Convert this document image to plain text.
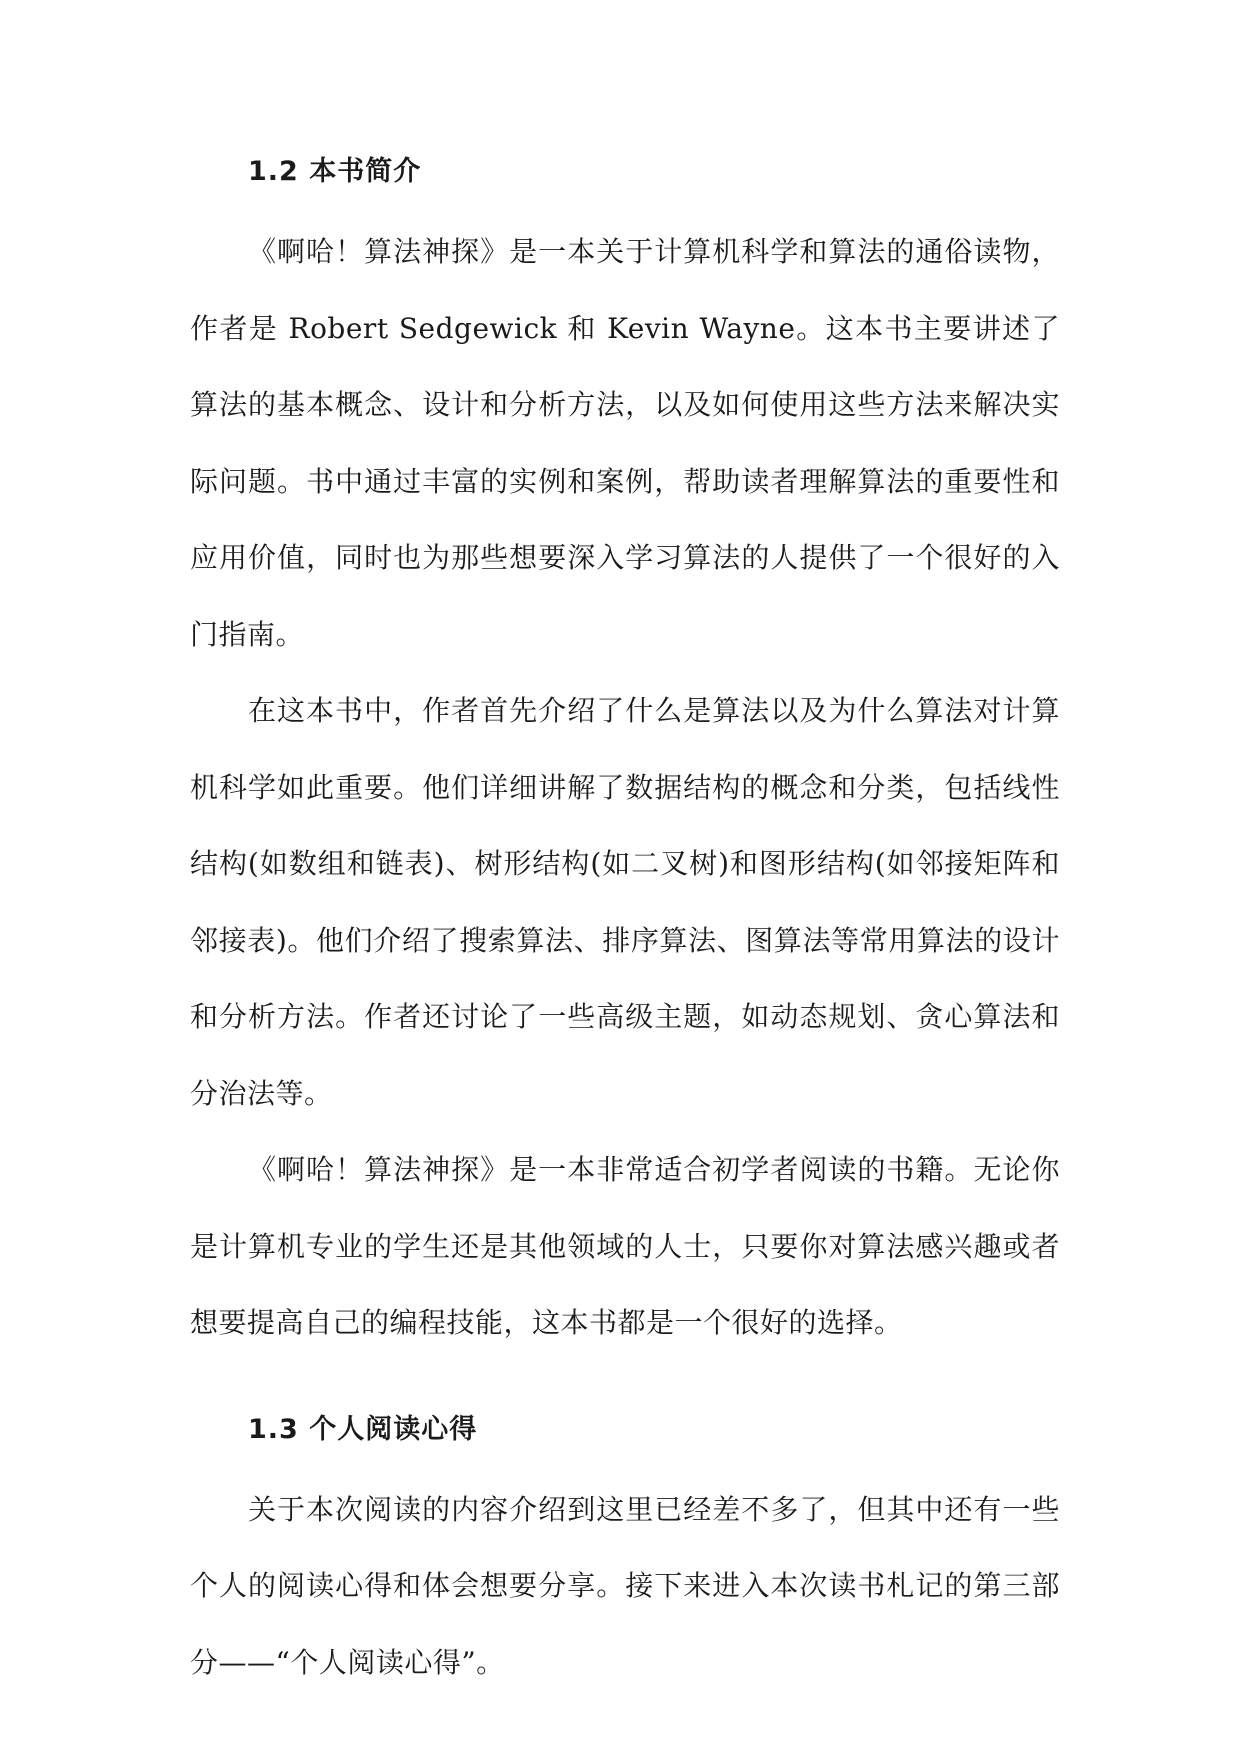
1.2 本书简介

《啊哈！算法神探》是一本关于计算机科学和算法的通俗读物，作者是 Robert Sedgewick 和 Kevin Wayne。这本书主要讲述了算法的基本概念、设计和分析方法，以及如何使用这些方法来解决实际问题。书中通过丰富的实例和案例，帮助读者理解算法的重要性和应用价值，同时也为那些想要深入学习算法的人提供了一个很好的入门指南。

在这本书中，作者首先介绍了什么是算法以及为什么算法对计算机科学如此重要。他们详细讲解了数据结构的概念和分类，包括线性结构(如数组和链表)、树形结构(如二叉树)和图形结构(如邻接矩阵和邻接表)。他们介绍了搜索算法、排序算法、图算法等常用算法的设计和分析方法。作者还讨论了一些高级主题，如动态规划、贪心算法和分治法等。

《啊哈！算法神探》是一本非常适合初学者阅读的书籍。无论你是计算机专业的学生还是其他领域的人士，只要你对算法感兴趣或者想要提高自己的编程技能，这本书都是一个很好的选择。

1.3 个人阅读心得

关于本次阅读的内容介绍到这里已经差不多了，但其中还有一些个人的阅读心得和体会想要分享。接下来进入本次读书札记的第三部分——“个人阅读心得”。
